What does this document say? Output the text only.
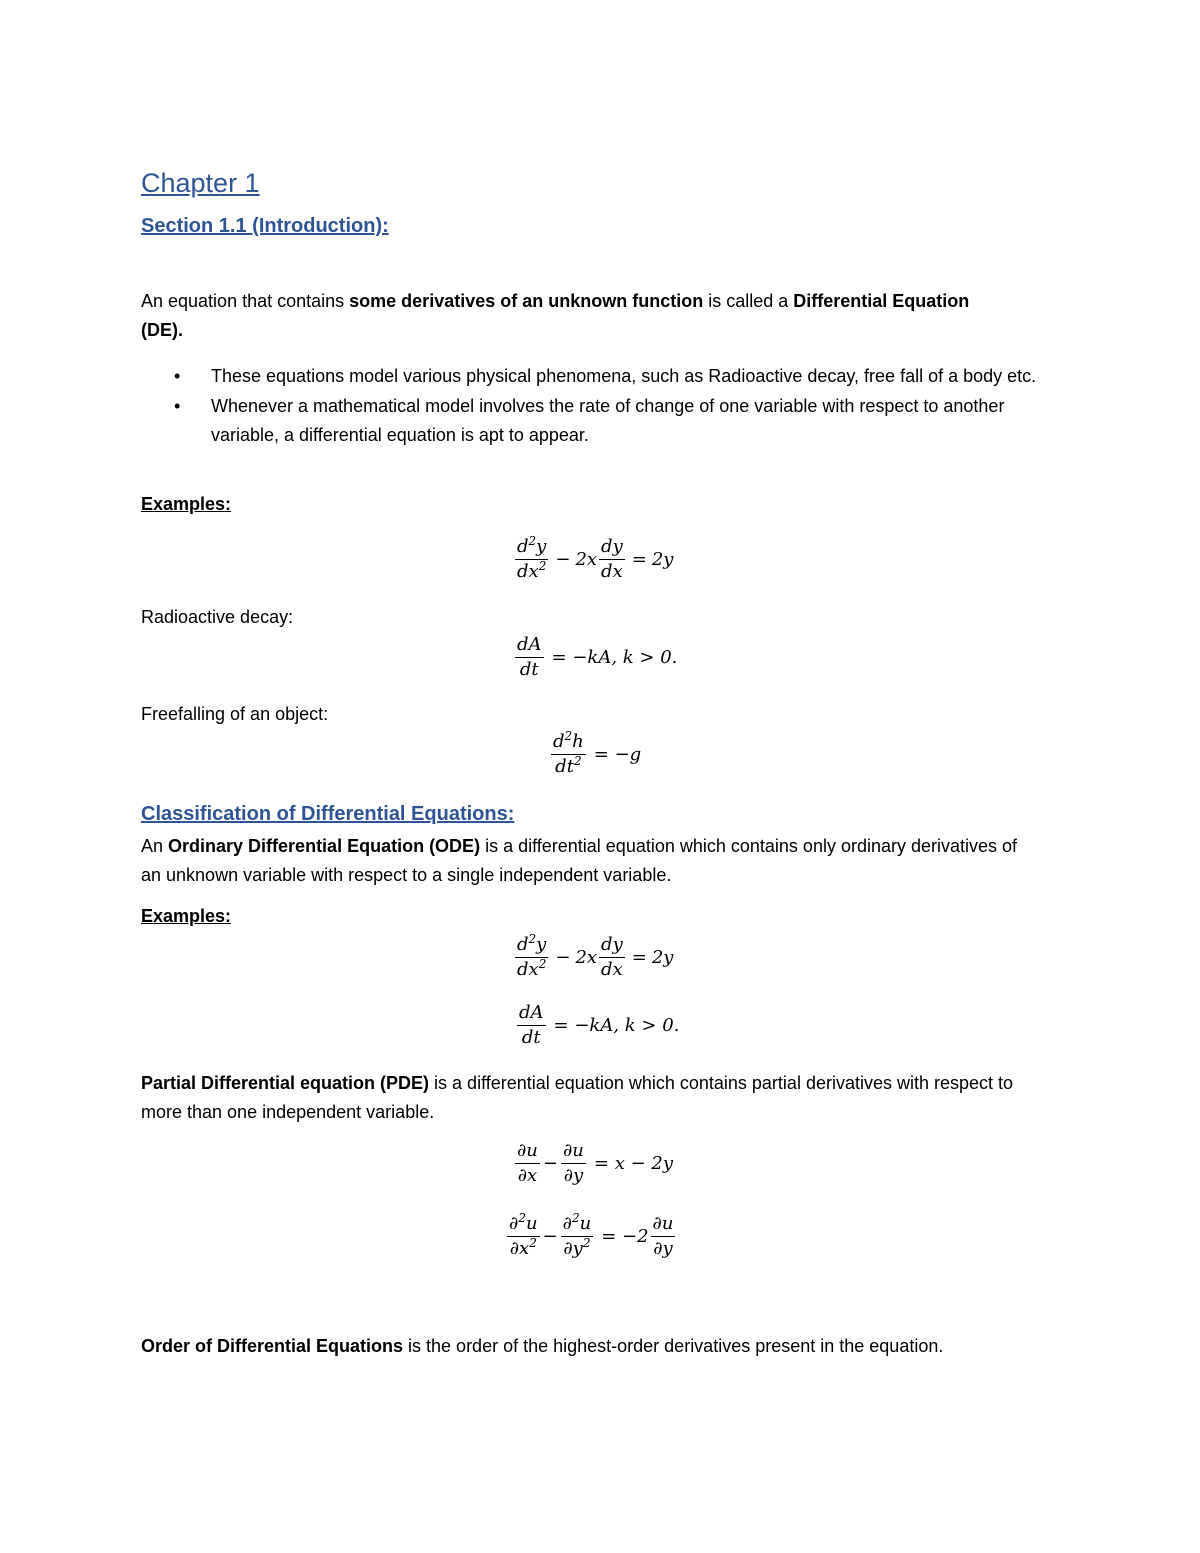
Chapter 1
Section 1.1 (Introduction):

An equation that contains some derivatives of an unknown function is called a Differential Equation
(DE).

• These equations model various physical phenomena, such as Radioactive decay, free fall of a body etc.
• Whenever a mathematical model involves the rate of change of one variable with respect to another variable, a differential equation is apt to appear.

Examples:

$\frac{d^2y}{dx^2} - 2x \frac{dy}{dx} = 2y$

Radioactive decay:

$\frac{dA}{dt} = -kA$, k > 0.

Freefalling of an object:

$\frac{d^2h}{dt^2} = -g$
Classification of Differential Equations:

An Ordinary Differential Equation (ODE) is a differential equation which contains only ordinary derivatives of an unknown variable with respect to a single independent variable.

Examples:

$\frac{d^2y}{dx^2} - 2x \frac{dy}{dx} = 2y$
$\frac{dA}{dt} = -kA$, k > 0.

Partial Differential equation (PDE) is a differential equation which contains partial derivatives with respect to more than one independent variable.

$\frac{\partial u}{\partial x} - \frac{\partial u}{\partial y} = x - 2y$
$\frac{\partial^2u}{\partial x^2} - \frac{\partial^2u}{\partial y^2} = -2 \frac{\partial u}{\partial y}$

Order of Differential Equations is the order of the highest-order derivatives present in the equation.
